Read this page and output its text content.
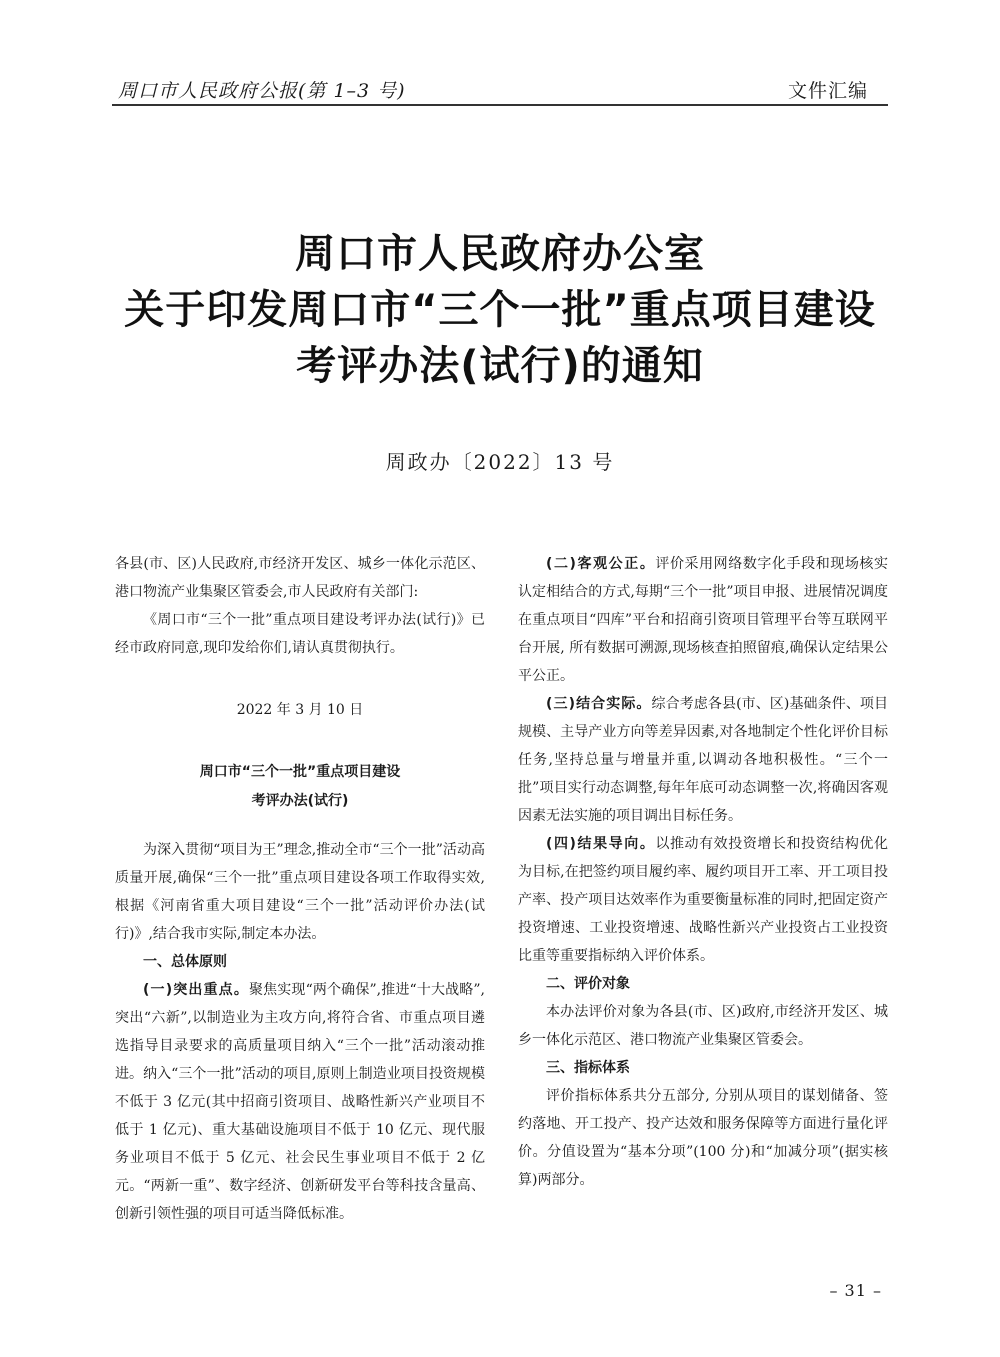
周口市人民政府公报(第 1–3 号)	文件汇编
周口市人民政府办公室
关于印发周口市“三个一批”重点项目建设
考评办法(试行)的通知
周政办〔2022〕13 号

各县(市、区)人民政府,市经济开发区、城乡一体化示范区、港口物流产业集聚区管委会,市人民政府有关部门:

《周口市“三个一批”重点项目建设考评办法(试行)》已经市政府同意,现印发给你们,请认真贯彻执行。

2022 年 3 月 10 日

周口市“三个一批”重点项目建设

考评办法(试行)

为深入贯彻“项目为王”理念,推动全市“三个一批”活动高质量开展,确保“三个一批”重点项目建设各项工作取得实效,根据《河南省重大项目建设“三个一批”活动评价办法(试行)》,结合我市实际,制定本办法。

一、总体原则

(一)突出重点。聚焦实现“两个确保”,推进“十大战略”,突出“六新”,以制造业为主攻方向,将符合省、市重点项目遴选指导目录要求的高质量项目纳入“三个一批”活动滚动推进。纳入“三个一批”活动的项目,原则上制造业项目投资规模不低于 3 亿元(其中招商引资项目、战略性新兴产业项目不低于 1 亿元)、重大基础设施项目不低于 10 亿元、现代服务业项目不低于 5 亿元、社会民生事业项目不低于 2 亿元。“两新一重”、数字经济、创新研发平台等科技含量高、创新引领性强的项目可适当降低标准。

(二)客观公正。评价采用网络数字化手段和现场核实认定相结合的方式,每期“三个一批”项目申报、进展情况调度在重点项目“四库”平台和招商引资项目管理平台等互联网平台开展, 所有数据可溯源,现场核查拍照留痕,确保认定结果公平公正。

(三)结合实际。综合考虑各县(市、区)基础条件、项目规模、主导产业方向等差异因素,对各地制定个性化评价目标任务,坚持总量与增量并重,以调动各地积极性。“三个一批”项目实行动态调整,每年年底可动态调整一次,将确因客观因素无法实施的项目调出目标任务。

(四)结果导向。以推动有效投资增长和投资结构优化为目标,在把签约项目履约率、履约项目开工率、开工项目投产率、投产项目达效率作为重要衡量标准的同时,把固定资产投资增速、工业投资增速、战略性新兴产业投资占工业投资比重等重要指标纳入评价体系。

二、评价对象

本办法评价对象为各县(市、区)政府,市经济开发区、城乡一体化示范区、港口物流产业集聚区管委会。

三、指标体系

评价指标体系共分五部分, 分别从项目的谋划储备、签约落地、开工投产、投产达效和服务保障等方面进行量化评价。分值设置为“基本分项”(100 分)和“加减分项”(据实核算)两部分。

– 31 –
